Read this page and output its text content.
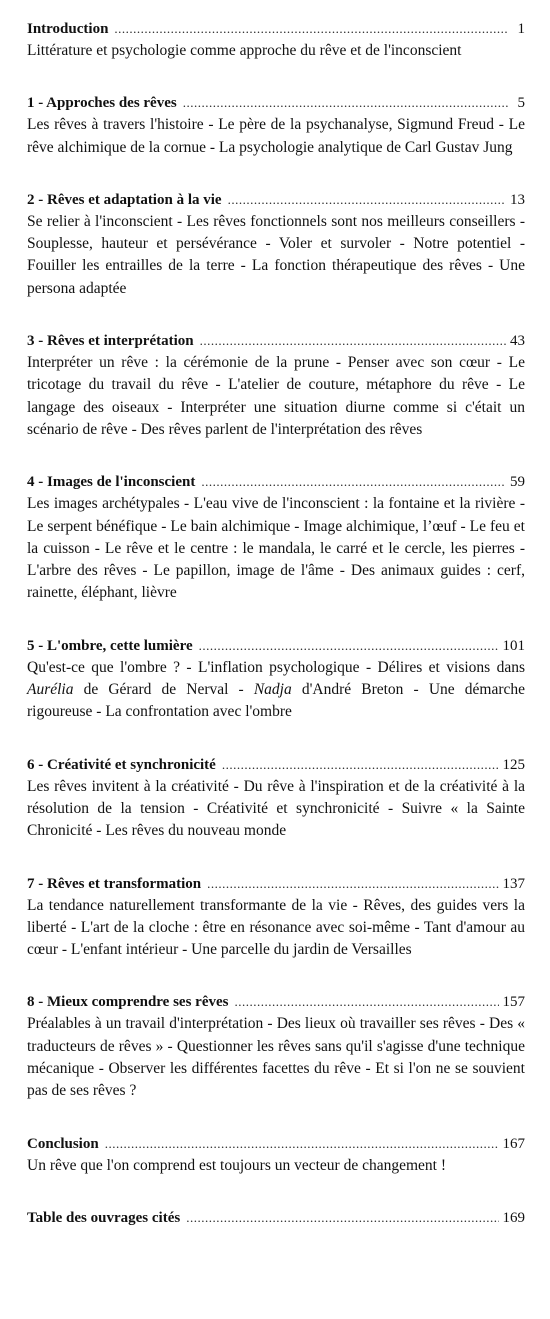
Introduction .....	1

Littérature et psychologie comme approche du rêve et de l'inconscient

1 - Approches des rêves .....	5

Les rêves à travers l'histoire - Le père de la psychanalyse, Sigmund Freud - Le rêve alchimique de la cornue - La psychologie analytique de Carl Gustav Jung

2 - Rêves et adaptation à la vie .....	13

Se relier à l'inconscient - Les rêves fonctionnels sont nos meilleurs conseillers - Souplesse, hauteur et persévérance - Voler et survoler - Notre potentiel - Fouiller les entrailles de la terre - La fonction thérapeutique des rêves - Une persona adaptée

3 - Rêves et interprétation .....	43

Interpréter un rêve : la cérémonie de la prune - Penser avec son cœur - Le tricotage du travail du rêve - L'atelier de couture, métaphore du rêve - Le langage des oiseaux - Interpréter une situation diurne comme si c'était un scénario de rêve - Des rêves parlent de l'interprétation des rêves

4 - Images de l'inconscient .....	59

Les images archétypales - L'eau vive de l'inconscient : la fontaine et la rivière - Le serpent bénéfique - Le bain alchimique - Image alchimique, l’œuf - Le feu et la cuisson - Le rêve et le centre : le mandala, le carré et le cercle, les pierres - L'arbre des rêves - Le papillon, image de l'âme - Des animaux guides : cerf, rainette, éléphant, lièvre

5 - L'ombre, cette lumière .....	101

Qu'est-ce que l'ombre ? - L'inflation psychologique - Délires et visions dans Aurélia de Gérard de Nerval - Nadja d'André Breton - Une démarche rigoureuse - La confrontation avec l'ombre

6 - Créativité et synchronicité .....	125

Les rêves invitent à la créativité - Du rêve à l'inspiration et de la créativité à la résolution de la tension - Créativité et synchronicité - Suivre « la Sainte Chronicité - Les rêves du nouveau monde

7 - Rêves et transformation .....	137

La tendance naturellement transformante de la vie - Rêves, des guides vers la liberté - L'art de la cloche : être en résonance avec soi-même - Tant d'amour au cœur - L'enfant intérieur - Une parcelle du jardin de Versailles

8 - Mieux comprendre ses rêves .....	157

Préalables à un travail d'interprétation - Des lieux où travailler ses rêves - Des « traducteurs de rêves » - Questionner les rêves sans qu'il s'agisse d'une technique mécanique - Observer les différentes facettes du rêve - Et si l'on ne se souvient pas de ses rêves ?

Conclusion .....	167

Un rêve que l'on comprend est toujours un vecteur de changement !

Table des ouvrages cités .....	169
